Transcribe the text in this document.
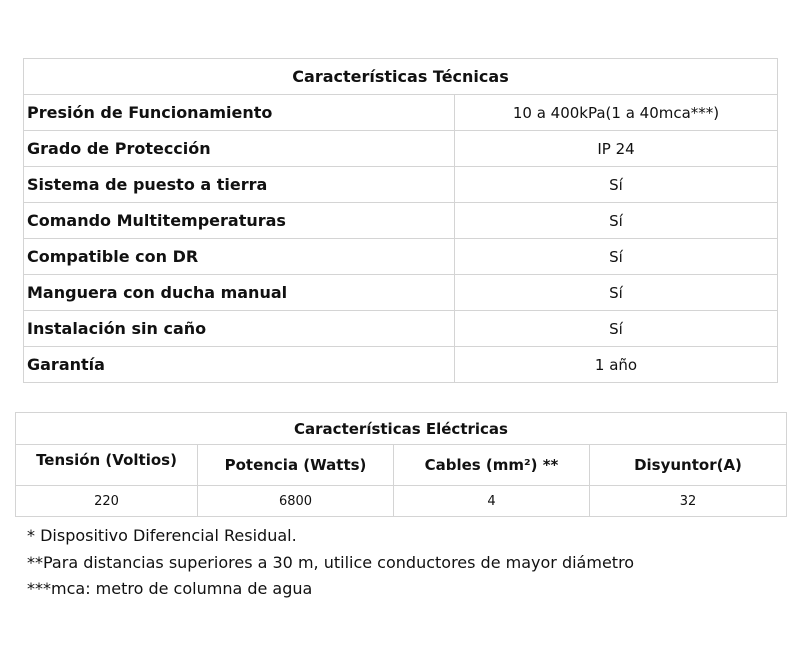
Características Técnicas	
Presión de Funcionamiento	10 a 400kPa(1 a 40mca***)
Grado de Protección	IP 24
Sistema de puesto a tierra	Sí
Comando Multitemperaturas	Sí
Compatible con DR	Sí
Manguera con ducha manual	Sí
Instalación sin caño	Sí
Garantía	1 año
Características Eléctricas			
Tensión (Voltios)	Potencia (Watts)	Cables (mm²) **	Disyuntor(A)
220	6800	4	32
* Dispositivo Diferencial Residual.
**Para distancias superiores a 30 m, utilice conductores de mayor diámetro
***mca: metro de columna de agua
